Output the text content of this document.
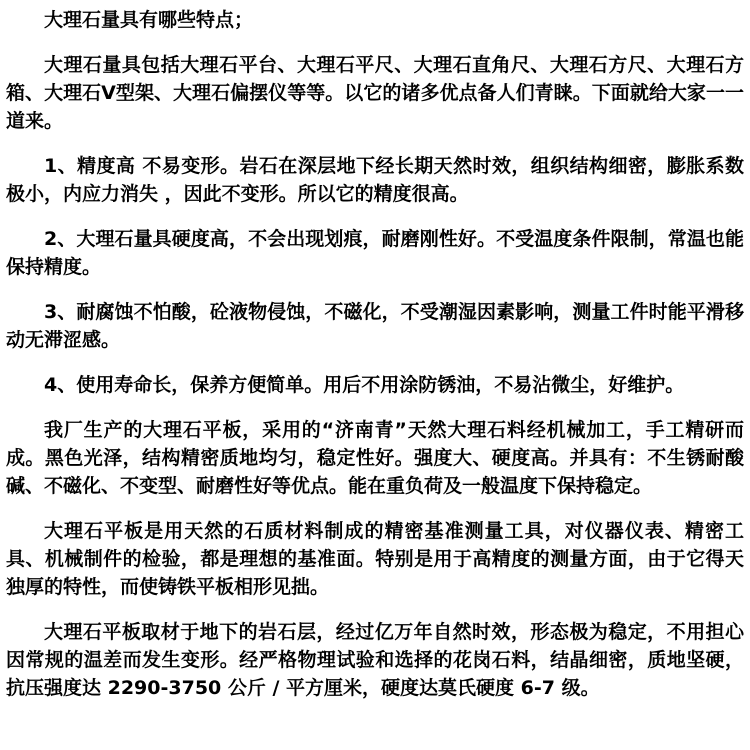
大理石量具有哪些特点；

大理石量具包括大理石平台、大理石平尺、大理石直角尺、大理石方尺、大理石方箱、大理石V型架、大理石偏摆仪等等。以它的诸多优点备人们青睐。下面就给大家一一道来。

1、精度高 不易变形。岩石在深层地下经长期天然时效，组织结构细密，膨胀系数极小，内应力消失 ，因此不变形。所以它的精度很高。

2、大理石量具硬度高，不会出现划痕，耐磨刚性好。不受温度条件限制，常温也能保持精度。

3、耐腐蚀不怕酸，砼液物侵蚀，不磁化，不受潮湿因素影响，测量工件时能平滑移动无滞涩感。

4、使用寿命长，保养方便简单。用后不用涂防锈油，不易沾微尘，好维护。

我厂生产的大理石平板，采用的“济南青”天然大理石料经机械加工，手工精研而成。黑色光泽，结构精密质地均匀，稳定性好。强度大、硬度高。并具有：不生锈耐酸碱、不磁化、不变型、耐磨性好等优点。能在重负荷及一般温度下保持稳定。

大理石平板是用天然的石质材料制成的精密基准测量工具，对仪器仪表、精密工具、机械制件的检验，都是理想的基准面。特别是用于高精度的测量方面，由于它得天独厚的特性，而使铸铁平板相形见拙。

大理石平板取材于地下的岩石层，经过亿万年自然时效，形态极为稳定，不用担心因常规的温差而发生变形。经严格物理试验和选择的花岗石料，结晶细密，质地坚硬，抗压强度达 2290-3750 公斤 / 平方厘米，硬度达莫氏硬度 6-7 级。
